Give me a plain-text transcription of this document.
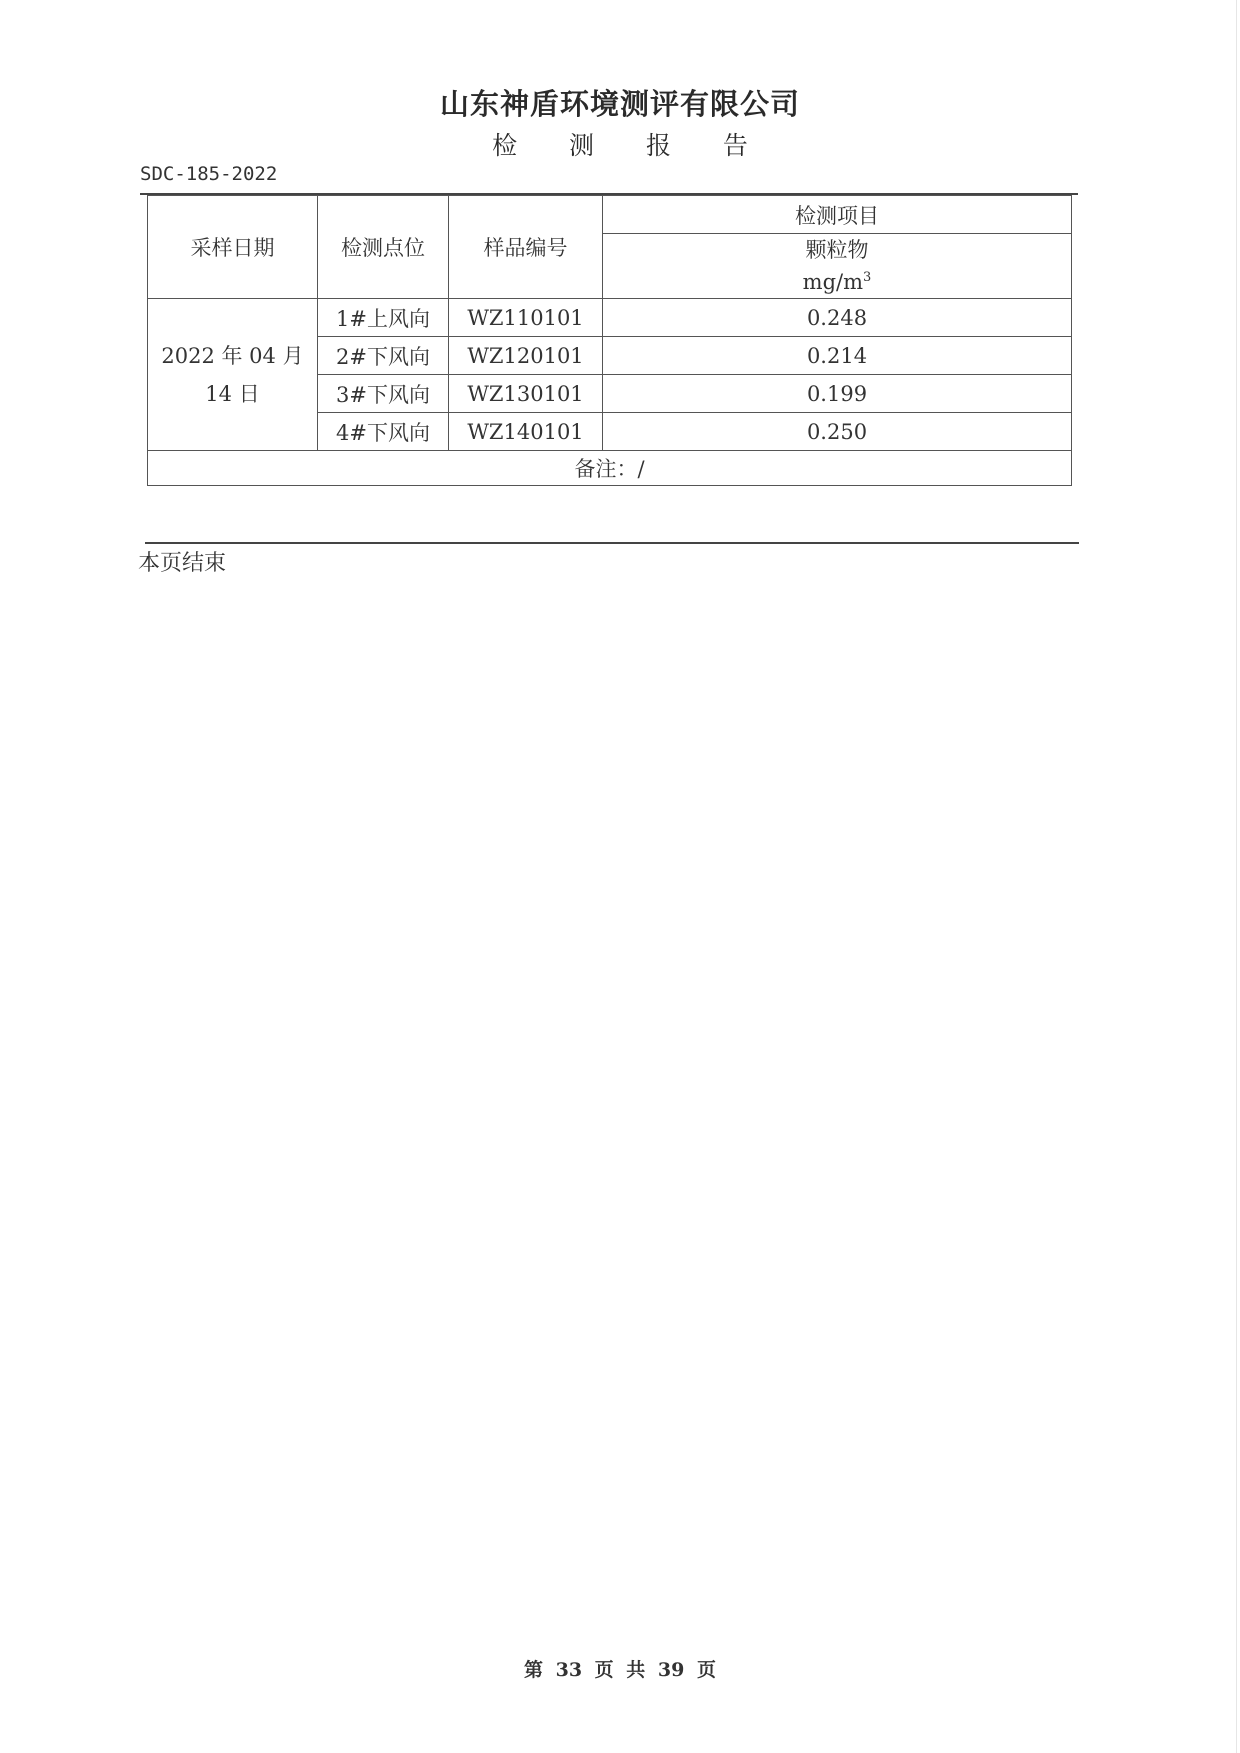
山东神盾环境测评有限公司
检 测 报 告
SDC-185-2022
采样日期	检测点位	样品编号	检测项目

			颗粒物
$mg/m^3$

2022 年 04 月
14 日	1#上风向	WZ110101	0.248
	2#下风向	WZ120101	0.214
	3#下风向	WZ130101	0.199
	4#下风向	WZ140101	0.250
备注：/			
本页结束
第 33 页 共 39 页
